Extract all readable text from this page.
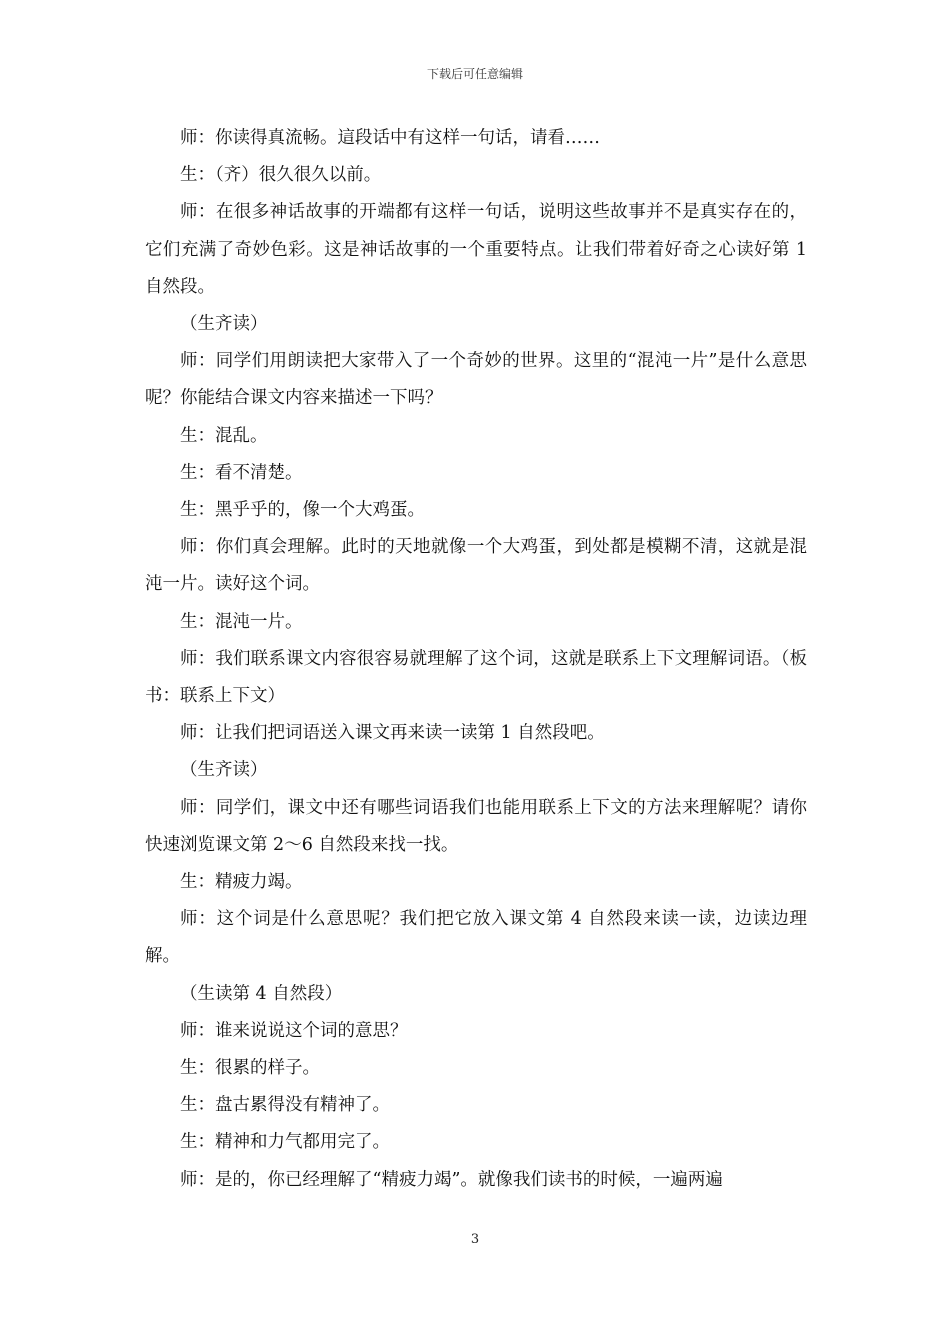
下载后可任意编辑

师：你读得真流畅。這段话中有这样一句话，请看……

生：（齐）很久很久以前。

师：在很多神话故事的开端都有这样一句话，说明这些故事并不是真实存在的，它们充满了奇妙色彩。这是神话故事的一个重要特点。让我们带着好奇之心读好第 1 自然段。

（生齐读）

师：同学们用朗读把大家带入了一个奇妙的世界。这里的“混沌一片”是什么意思呢？你能结合课文内容来描述一下吗？

生：混乱。

生：看不清楚。

生：黑乎乎的，像一个大鸡蛋。

师：你们真会理解。此时的天地就像一个大鸡蛋，到处都是模糊不清，这就是混沌一片。读好这个词。

生：混沌一片。

师：我们联系课文内容很容易就理解了这个词，这就是联系上下文理解词语。（板书：联系上下文）

师：让我们把词语送入课文再来读一读第 1 自然段吧。

（生齐读）

师：同学们，课文中还有哪些词语我们也能用联系上下文的方法来理解呢？请你快速浏览课文第 2～6 自然段来找一找。

生：精疲力竭。

师：这个词是什么意思呢？我们把它放入课文第 4 自然段来读一读，边读边理解。

（生读第 4 自然段）

师：谁来说说这个词的意思？

生：很累的样子。

生：盘古累得没有精神了。

生：精神和力气都用完了。

师：是的，你已经理解了“精疲力竭”。就像我们读书的时候，一遍两遍

3
